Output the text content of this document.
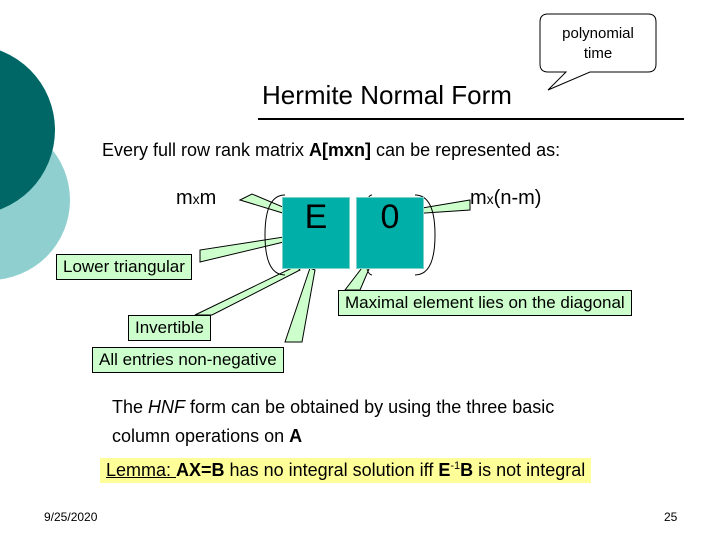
polynomial
time
Hermite Normal Form
Every full row rank matrix A[mxn] can be represented as:
mxm	mx(n-m)
E	0
Lower triangular
Invertible
All entries non-negative
Maximal element lies on the diagonal
The HNF form can be obtained by using the three basic
column operations on A
Lemma: AX=B has no integral solution iff $E^{-1}B$ is not integral
9/25/2020	25
